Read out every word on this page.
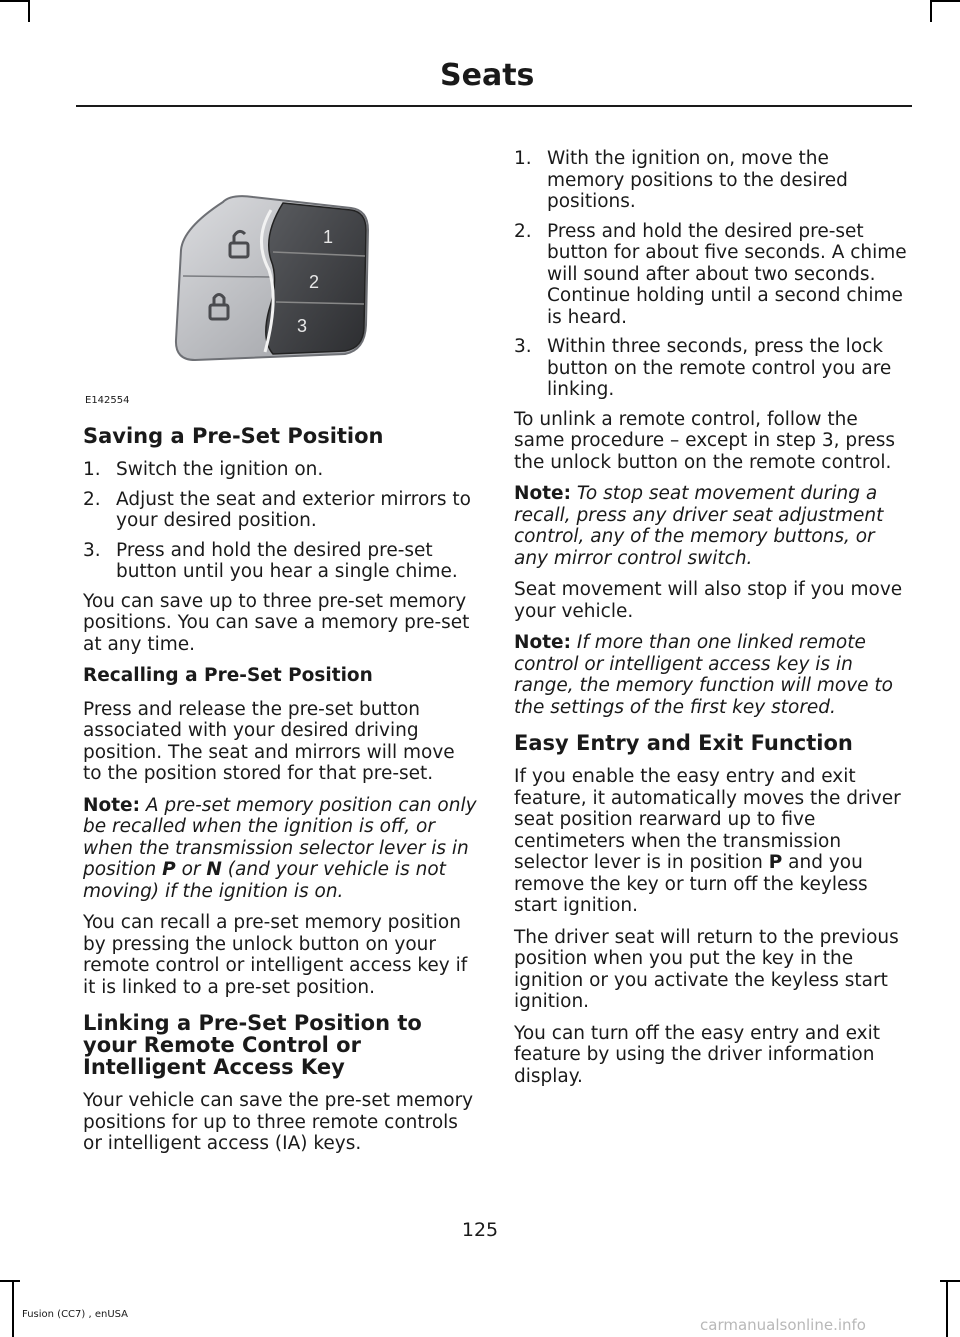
Seats
1
2
3
E142554
Saving a Pre-Set Position
1. Switch the ignition on.
2. Adjust the seat and exterior mirrors to your desired position.
3. Press and hold the desired pre-set button until you hear a single chime.

You can save up to three pre-set memory positions. You can save a memory pre-set at any time.

Recalling a Pre-Set Position

Press and release the pre-set button associated with your desired driving position. The seat and mirrors will move to the position stored for that pre-set.

Note: A pre-set memory position can only be recalled when the ignition is off, or when the transmission selector lever is in position P or N (and your vehicle is not moving) if the ignition is on.

You can recall a pre-set memory position by pressing the unlock button on your remote control or intelligent access key if it is linked to a pre-set position.

Linking a Pre-Set Position to your Remote Control or Intelligent Access Key

Your vehicle can save the pre-set memory positions for up to three remote controls or intelligent access (IA) keys.

1. With the ignition on, move the memory positions to the desired positions.
2. Press and hold the desired pre-set button for about five seconds. A chime will sound after about two seconds. Continue holding until a second chime is heard.
3. Within three seconds, press the lock button on the remote control you are linking.

To unlink a remote control, follow the same procedure – except in step 3, press the unlock button on the remote control.

Note: To stop seat movement during a recall, press any driver seat adjustment control, any of the memory buttons, or any mirror control switch.

Seat movement will also stop if you move your vehicle.

Note: If more than one linked remote control or intelligent access key is in range, the memory function will move to the settings of the first key stored.

Easy Entry and Exit Function

If you enable the easy entry and exit feature, it automatically moves the driver seat position rearward up to five centimeters when the transmission selector lever is in position P and you remove the key or turn off the keyless start ignition.

The driver seat will return to the previous position when you put the key in the ignition or you activate the keyless start ignition.

You can turn off the easy entry and exit feature by using the driver information display.

125
Fusion (CC7) , enUSA
carmanualsonline.info
